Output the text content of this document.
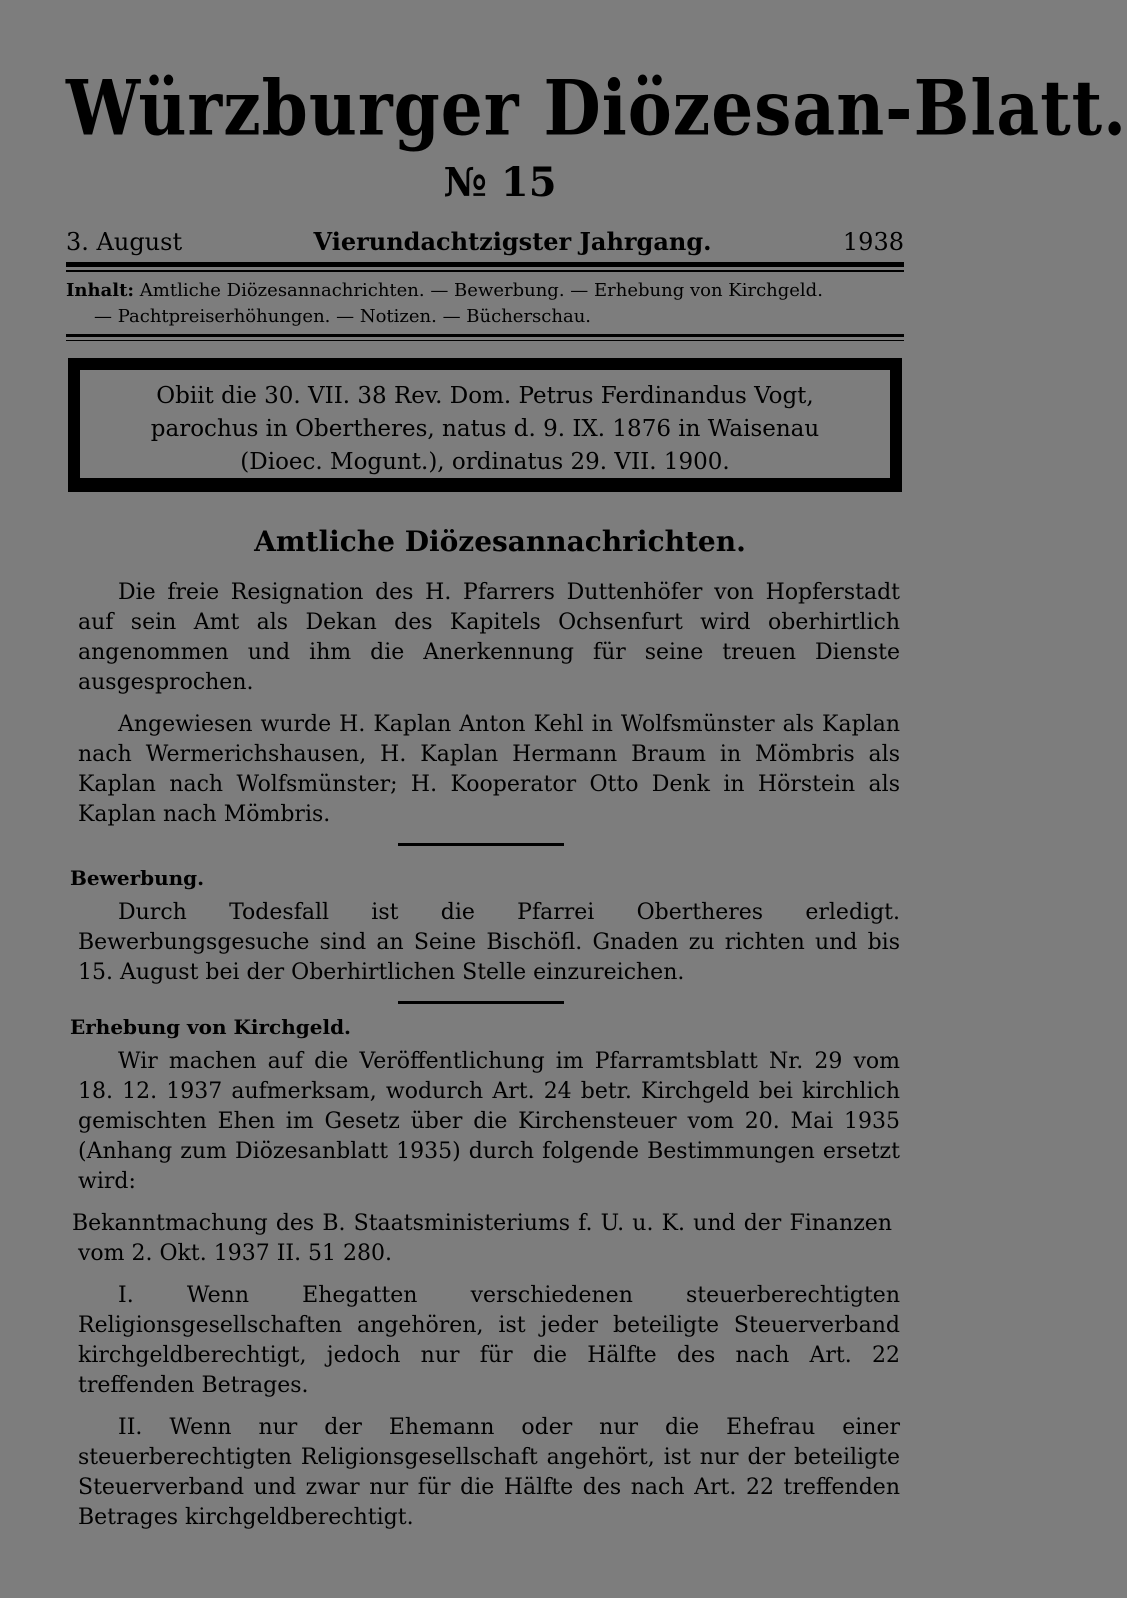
Würzburger Diözesan-Blatt.
№ 15
3. August	Vierundachtzigster Jahrgang.	1938
Inhalt: Amtliche Diözesannachrichten. — Bewerbung. — Erhebung von Kirchgeld.
— Pachtpreiserhöhungen. — Notizen. — Bücherschau.

Obiit die 30. VII. 38 Rev. Dom. Petrus Ferdinandus Vogt,

parochus in Obertheres, natus d. 9. IX. 1876 in Waisenau

(Dioec. Mogunt.), ordinatus 29. VII. 1900.

Amtliche Diözesannachrichten.

Die freie Resignation des H. Pfarrers Duttenhöfer von Hopferstadt auf sein Amt als Dekan des Kapitels Ochsenfurt wird oberhirtlich angenommen und ihm die Anerkennung für seine treuen Dienste ausgesprochen.

Angewiesen wurde H. Kaplan Anton Kehl in Wolfsmünster als Kaplan nach Wermerichshausen, H. Kaplan Hermann Braum in Mömbris als Kaplan nach Wolfsmünster; H. Kooperator Otto Denk in Hörstein als Kaplan nach Mömbris.

Bewerbung.

Durch Todesfall ist die Pfarrei Obertheres erledigt. Bewerbungsgesuche sind an Seine Bischöfl. Gnaden zu richten und bis 15. August bei der Oberhirtlichen Stelle einzureichen.

Erhebung von Kirchgeld.

Wir machen auf die Veröffentlichung im Pfarramtsblatt Nr. 29 vom 18. 12. 1937 aufmerksam, wodurch Art. 24 betr. Kirchgeld bei kirchlich gemischten Ehen im Gesetz über die Kirchensteuer vom 20. Mai 1935 (Anhang zum Diözesanblatt 1935) durch folgende Bestimmungen ersetzt wird:

Bekanntmachung des B. Staatsministeriums f. U. u. K. und der Finanzen vom 2. Okt. 1937 II. 51 280.

I. Wenn Ehegatten verschiedenen steuerberechtigten Religionsgesellschaften angehören, ist jeder beteiligte Steuerverband kirchgeldberechtigt, jedoch nur für die Hälfte des nach Art. 22 treffenden Betrages.

II. Wenn nur der Ehemann oder nur die Ehefrau einer steuerberechtigten Religionsgesellschaft angehört, ist nur der beteiligte Steuerverband und zwar nur für die Hälfte des nach Art. 22 treffenden Betrages kirchgeldberechtigt.
